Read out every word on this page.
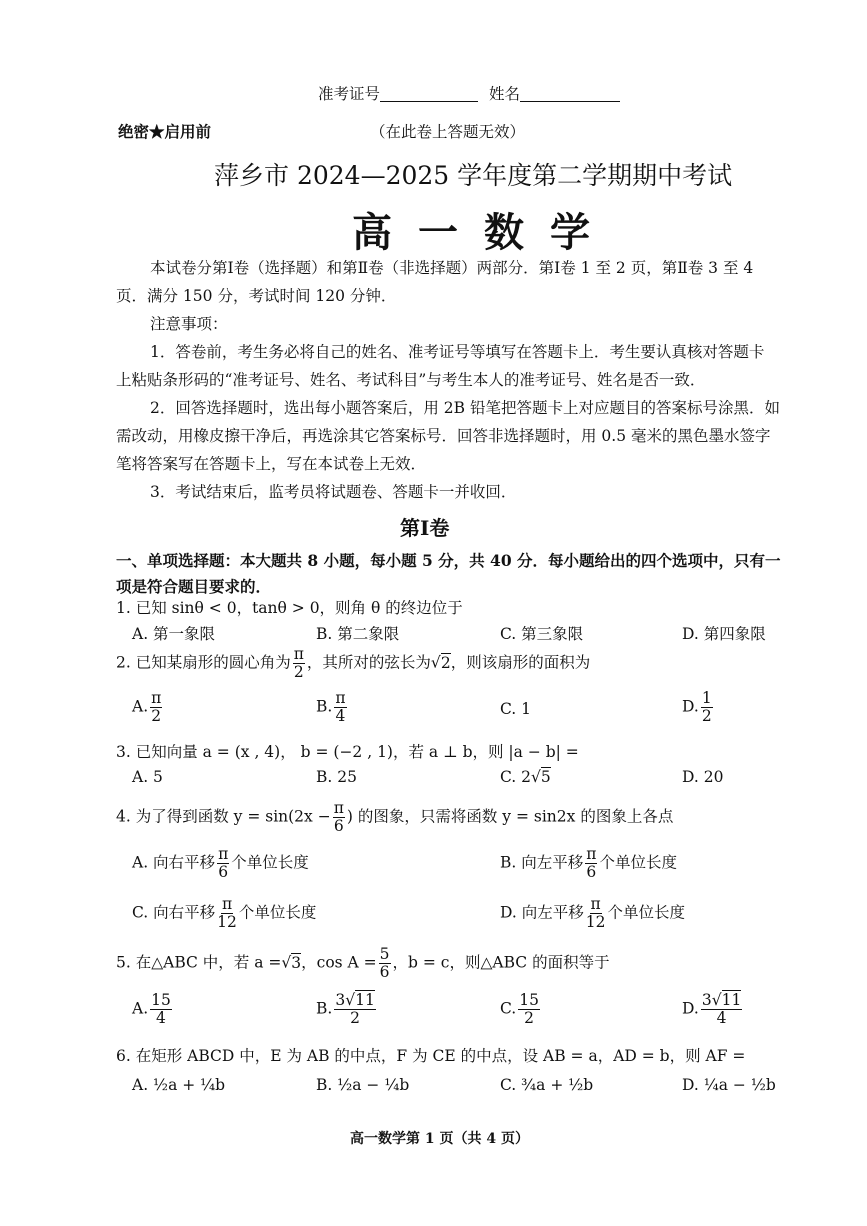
准考证号	姓名
绝密★启用前	（在此卷上答题无效）
萍乡市 2024—2025 学年度第二学期期中考试
高一数学
本试卷分第Ⅰ卷（选择题）和第Ⅱ卷（非选择题）两部分．第Ⅰ卷 1 至 2 页，第Ⅱ卷 3 至 4
页．满分 150 分，考试时间 120 分钟．
注意事项：
1．答卷前，考生务必将自己的姓名、准考证号等填写在答题卡上．考生要认真核对答题卡
上粘贴条形码的“准考证号、姓名、考试科目”与考生本人的准考证号、姓名是否一致．
2．回答选择题时，选出每小题答案后，用 2B 铅笔把答题卡上对应题目的答案标号涂黑．如
需改动，用橡皮擦干净后，再选涂其它答案标号．回答非选择题时，用 0.5 毫米的黑色墨水签字
笔将答案写在答题卡上，写在本试卷上无效．
3．考试结束后，监考员将试题卷、答题卡一并收回．
第Ⅰ卷
一、单项选择题：本大题共 8 小题，每小题 5 分，共 40 分．每小题给出的四个选项中，只有一
项是符合题目要求的．
1. 已知 sinθ < 0，tanθ > 0，则角 θ 的终边位于
A. 第一象限	B. 第二象限	C. 第三象限	D. 第四象限
2. 已知某扇形的圆心角为 $\frac{\pi}{2}$ ，其所对的弦长为√2，则该扇形的面积为
A. $\frac{\pi}{2}$	B. $\frac{\pi}{4}$	C. 1	D. $\frac{1}{2}$
3. 已知向量 a = (x , 4)， b = (−2 , 1)，若 a ⊥ b，则 |a − b| =
A. 5	B. 25	C. 2√5	D. 20
4. 为了得到函数 $y = \sin(2x - \frac{\pi}{6}$ ) 的图象，只需将函数 y = sin2x 的图象上各点
A. 向右平移 $\frac{\pi}{6}$ 个单位长度	B. 向左平移 $\frac{\pi}{6}$ 个单位长度
C. 向右平移 $\frac{\pi}{12}$ 个单位长度	D. 向左平移 $\frac{\pi}{12}$ 个单位长度
5. 在△ABC 中，若 a =√3，$\cos A = \frac{5}{6}$ ，b = c，则△ABC 的面积等于
A. $\frac{15}{4}$	B. $\frac{3√11}{2}$	C. $\frac{15}{2}$	D. $\frac{3√11}{4}$
6. 在矩形 ABCD 中，E 为 AB 的中点，F 为 CE 的中点，设 AB = a，AD = b，则 AF =
A. ½a + ¼b	B. ½a − ¼b	C. ¾a + ½b	D. ¼a − ½b
高一数学第 1 页（共 4 页）
